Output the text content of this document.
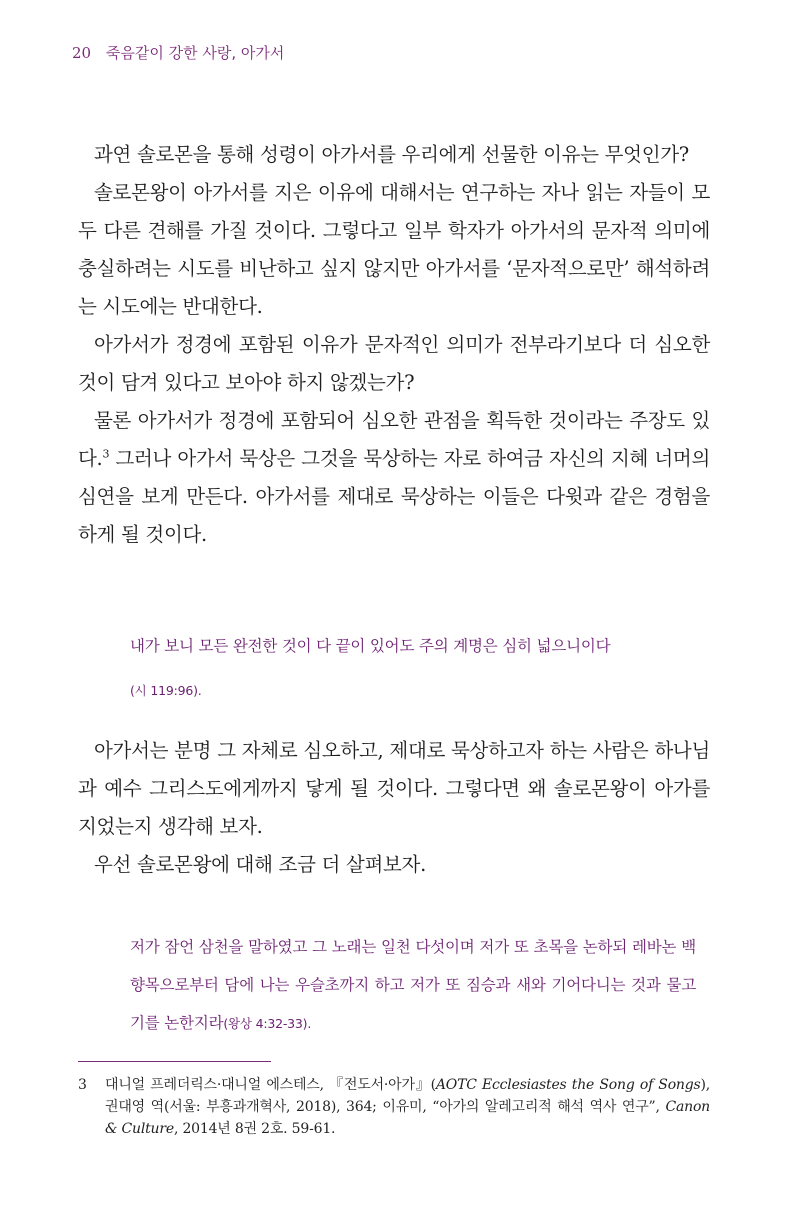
20 죽음같이 강한 사랑, 아가서

과연 솔로몬을 통해 성령이 아가서를 우리에게 선물한 이유는 무엇인가?

솔로몬왕이 아가서를 지은 이유에 대해서는 연구하는 자나 읽는 자들이 모두 다른 견해를 가질 것이다. 그렇다고 일부 학자가 아가서의 문자적 의미에 충실하려는 시도를 비난하고 싶지 않지만 아가서를 ‘문자적으로만’ 해석하려는 시도에는 반대한다.

아가서가 정경에 포함된 이유가 문자적인 의미가 전부라기보다 더 심오한 것이 담겨 있다고 보아야 하지 않겠는가?

물론 아가서가 정경에 포함되어 심오한 관점을 획득한 것이라는 주장도 있다.$^3$ 그러나 아가서 묵상은 그것을 묵상하는 자로 하여금 자신의 지혜 너머의 심연을 보게 만든다. 아가서를 제대로 묵상하는 이들은 다윗과 같은 경험을 하게 될 것이다.

내가 보니 모든 완전한 것이 다 끝이 있어도 주의 계명은 심히 넓으니이다
(시 119:96).

아가서는 분명 그 자체로 심오하고, 제대로 묵상하고자 하는 사람은 하나님과 예수 그리스도에게까지 닿게 될 것이다. 그렇다면 왜 솔로몬왕이 아가를 지었는지 생각해 보자.

우선 솔로몬왕에 대해 조금 더 살펴보자.

저가 잠언 삼천을 말하였고 그 노래는 일천 다섯이며 저가 또 초목을 논하되 레바논 백향목으로부터 담에 나는 우슬초까지 하고 저가 또 짐승과 새와 기어다니는 것과 물고기를 논한지라(왕상 4:32-33).
3 대니얼 프레더릭스·대니얼 에스테스, 『전도서·아가』(AOTC Ecclesiastes the Song of Songs), 권대영 역(서울: 부흥과개혁사, 2018), 364; 이유미, “아가의 알레고리적 해석 역사 연구”, Canon & Culture, 2014년 8권 2호. 59-61.
